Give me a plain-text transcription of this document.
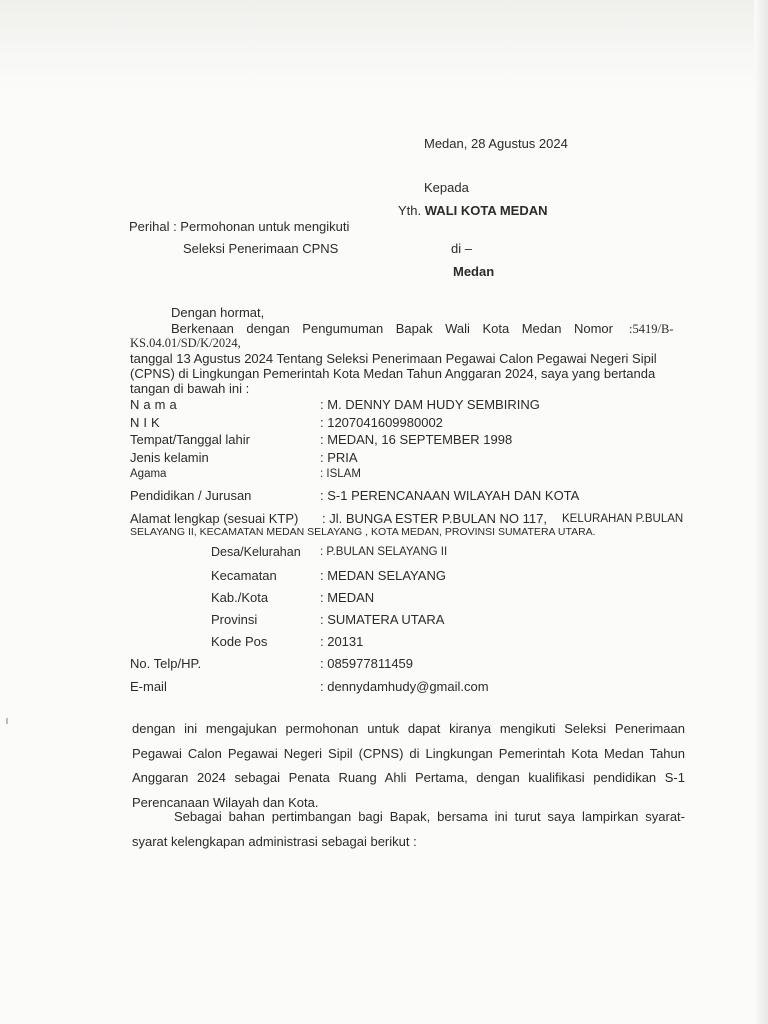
Medan, 28 Agustus 2024
Kepada
Yth. WALI KOTA MEDAN
di –
Medan
Perihal : Permohonan untuk mengikuti
Seleksi Penerimaan CPNS
Dengan hormat,
Berkenaan dengan Pengumuman Bapak Wali Kota Medan Nomor :5419/B-
KS.04.01/SD/K/2024,
tanggal 13 Agustus 2024 Tentang Seleksi Penerimaan Pegawai Calon Pegawai Negeri Sipil
(CPNS) di Lingkungan Pemerintah Kota Medan Tahun Anggaran 2024, saya yang bertanda
tangan di bawah ini :
Nama	: M. DENNY DAM HUDY SEMBIRING
NIK	: 1207041609980002
Tempat/Tanggal lahir	: MEDAN, 16 SEPTEMBER 1998
Jenis kelamin	: PRIA
Agama	: ISLAM
Pendidikan / Jurusan	: S-1 PERENCANAAN WILAYAH DAN KOTA
Alamat lengkap (sesuai KTP) : Jl. BUNGA ESTER P.BULAN NO 117, KELURAHAN P.BULAN
SELAYANG II, KECAMATAN MEDAN SELAYANG , KOTA MEDAN, PROVINSI SUMATERA UTARA.
Desa/Kelurahan : P.BULAN SELAYANG II
Kecamatan	: MEDAN SELAYANG
Kab./Kota	: MEDAN
Provinsi	: SUMATERA UTARA
Kode Pos	: 20131
No. Telp/HP.	: 085977811459
E-mail	: dennydamhudy@gmail.com
dengan ini mengajukan permohonan untuk dapat kiranya mengikuti Seleksi Penerimaan Pegawai Calon Pegawai Negeri Sipil (CPNS) di Lingkungan Pemerintah Kota Medan Tahun Anggaran 2024 sebagai Penata Ruang Ahli Pertama, dengan kualifikasi pendidikan S-1 Perencanaan Wilayah dan Kota.
Sebagai bahan pertimbangan bagi Bapak, bersama ini turut saya lampirkan syarat-syarat kelengkapan administrasi sebagai berikut :
